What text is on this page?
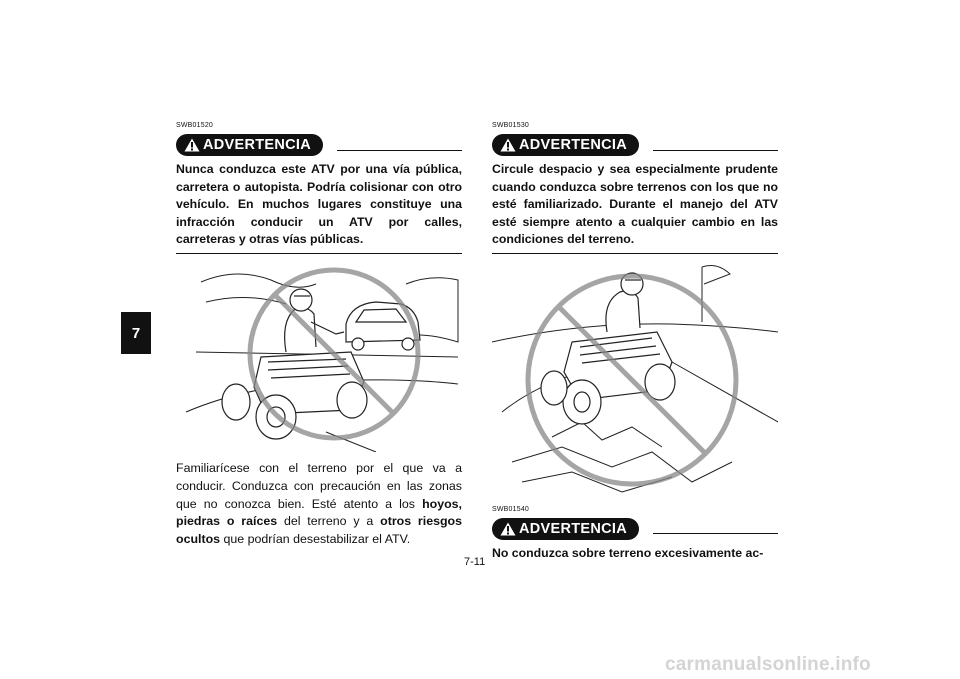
7
SWB01520
ADVERTENCIA
Nunca conduzca este ATV por una vía pública, carretera o autopista. Podría colisionar con otro vehículo. En muchos lugares constituye una infracción conducir un ATV por calles, carreteras y otras vías públicas.
Familiarícese con el terreno por el que va a conducir. Conduzca con precaución en las zonas que no conozca bien. Esté atento a los hoyos, piedras o raíces del terreno y a otros riesgos ocultos que podrían desestabilizar el ATV.
SWB01530
ADVERTENCIA
Circule despacio y sea especialmente prudente cuando conduzca sobre terrenos con los que no esté familiarizado. Durante el manejo del ATV esté siempre atento a cualquier cambio en las condiciones del terreno.
SWB01540
ADVERTENCIA
No conduzca sobre terreno excesivamente ac-
7-11
carmanualsonline.info
